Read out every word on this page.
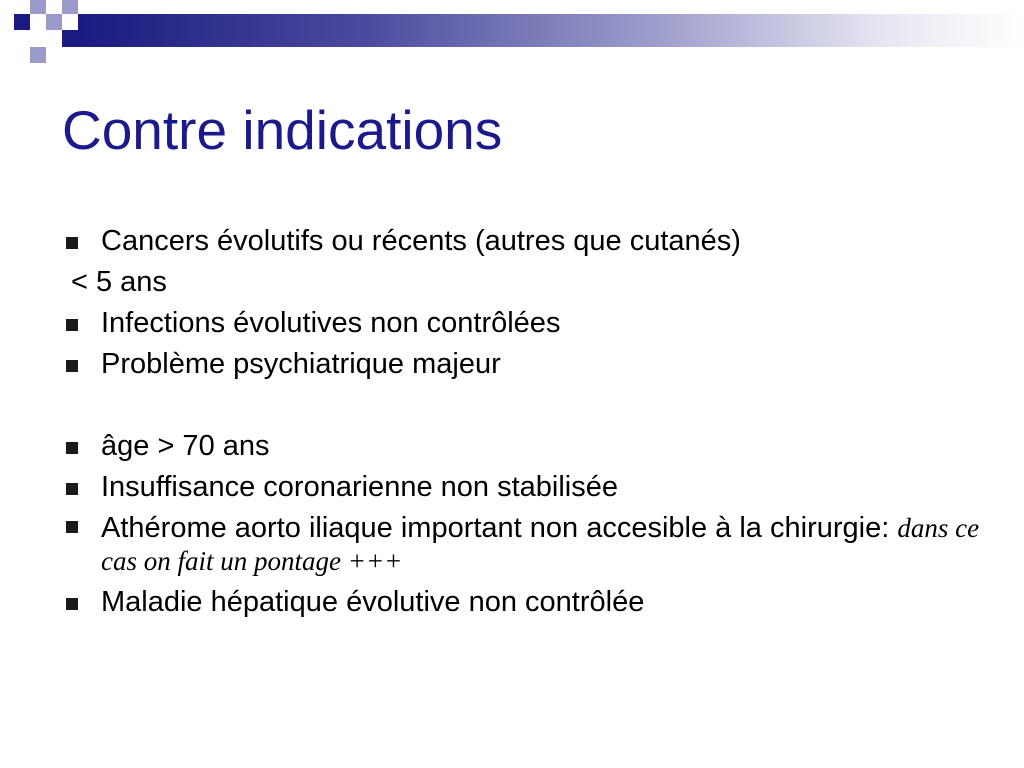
Contre indications
Cancers évolutifs ou récents (autres que cutanés)
< 5 ans
Infections évolutives non contrôlées
Problème psychiatrique majeur
âge > 70 ans
Insuffisance coronarienne non stabilisée
Athérome aorto iliaque important non accesible à la chirurgie: dans ce cas on fait un pontage +++
Maladie hépatique évolutive non contrôlée
